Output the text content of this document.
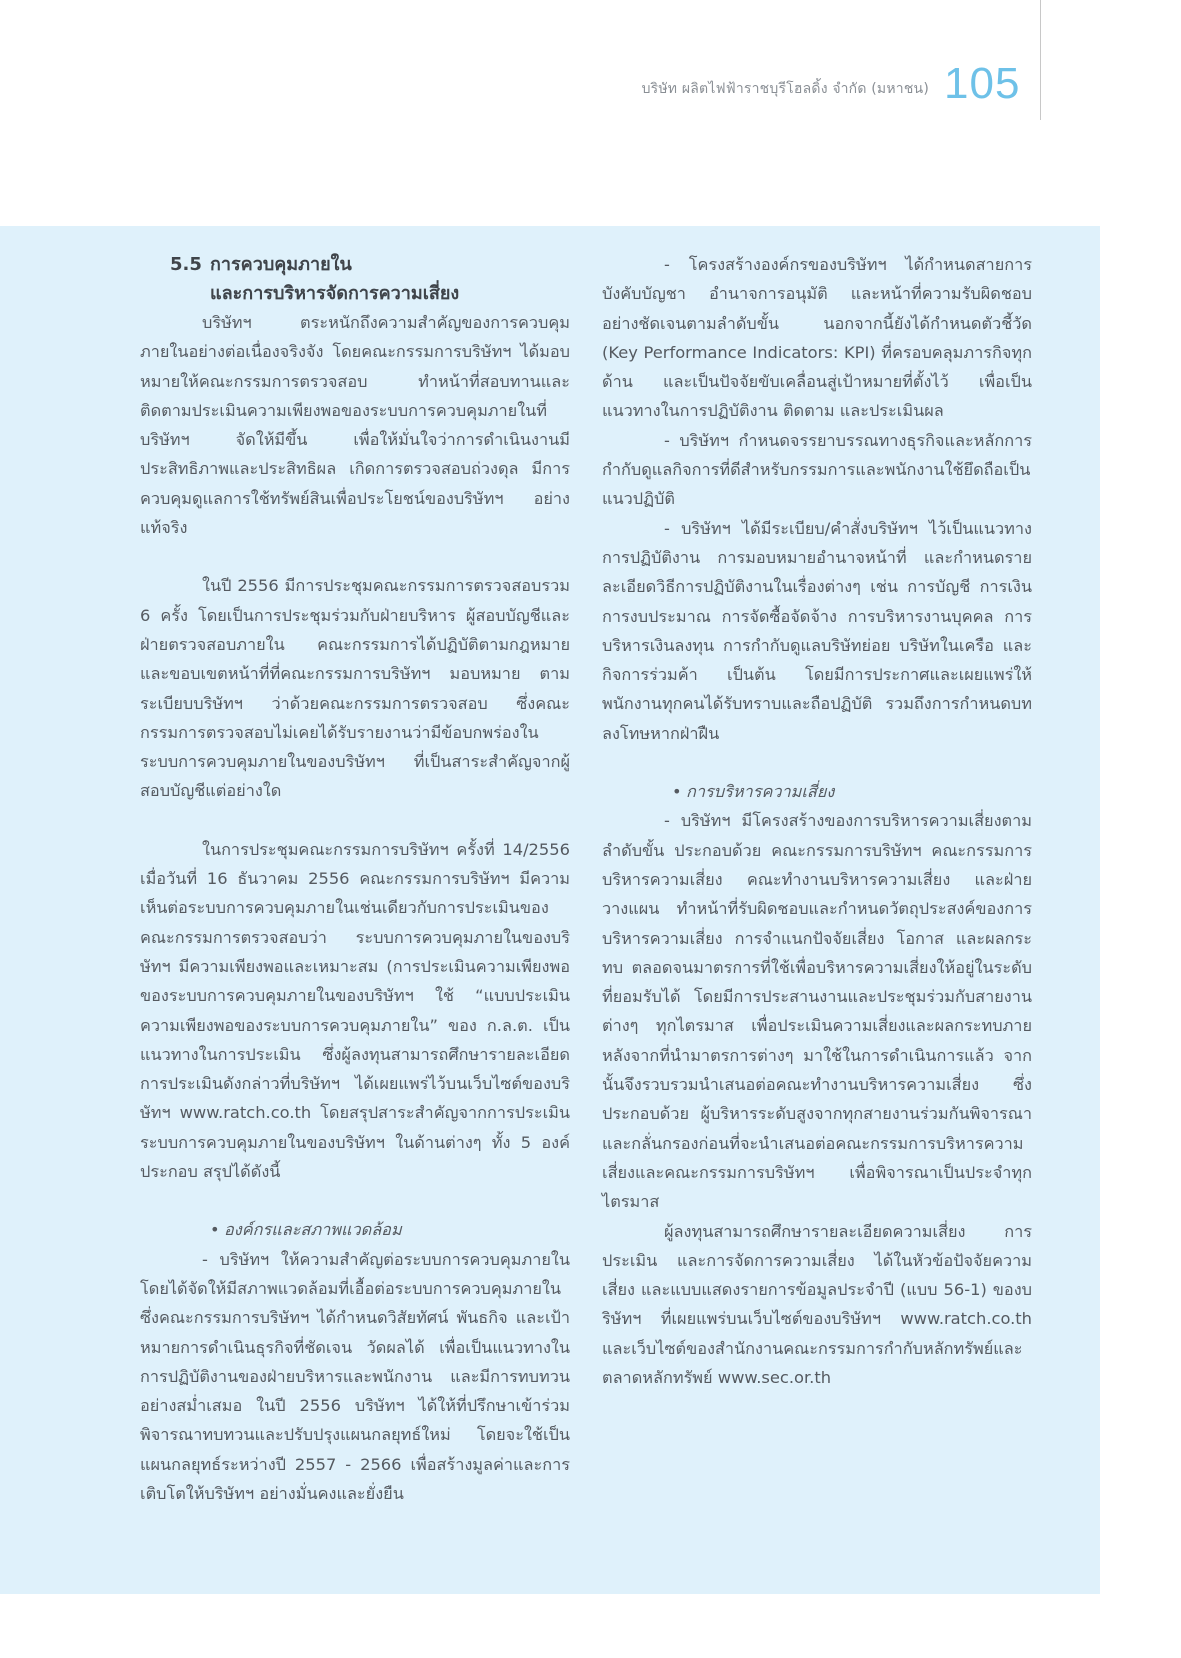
บริษัท ผลิตไฟฟ้าราชบุรีโฮลดิ้ง จำกัด (มหาชน) 105
5.5 การควบคุมภายใน
และการบริหารจัดการความเสี่ยง

บริษัทฯ ตระหนักถึงความสำคัญของการควบคุมภายในอย่างต่อเนื่องจริงจัง โดยคณะกรรมการบริษัทฯ ได้มอบหมายให้คณะกรรมการตรวจสอบ ทำหน้าที่สอบทานและติดตามประเมินความเพียงพอของระบบการควบคุมภายในที่บริษัทฯ จัดให้มีขึ้น เพื่อให้มั่นใจว่าการดำเนินงานมีประสิทธิภาพและประสิทธิผล เกิดการตรวจสอบถ่วงดุล มีการควบคุมดูแลการใช้ทรัพย์สินเพื่อประโยชน์ของบริษัทฯ อย่างแท้จริง

ในปี 2556 มีการประชุมคณะกรรมการตรวจสอบรวม 6 ครั้ง โดยเป็นการประชุมร่วมกับฝ่ายบริหาร ผู้สอบบัญชีและฝ่ายตรวจสอบภายใน คณะกรรมการได้ปฏิบัติตามกฎหมายและขอบเขตหน้าที่ที่คณะกรรมการบริษัทฯ มอบหมาย ตามระเบียบบริษัทฯ ว่าด้วยคณะกรรมการตรวจสอบ ซึ่งคณะกรรมการตรวจสอบไม่เคยได้รับรายงานว่ามีข้อบกพร่องในระบบการควบคุมภายในของบริษัทฯ ที่เป็นสาระสำคัญจากผู้สอบบัญชีแต่อย่างใด

ในการประชุมคณะกรรมการบริษัทฯ ครั้งที่ 14/2556 เมื่อวันที่ 16 ธันวาคม 2556 คณะกรรมการบริษัทฯ มีความเห็นต่อระบบการควบคุมภายในเช่นเดียวกับการประเมินของคณะกรรมการตรวจสอบว่า ระบบการควบคุมภายในของบริษัทฯ มีความเพียงพอและเหมาะสม (การประเมินความเพียงพอของระบบการควบคุมภายในของบริษัทฯ ใช้ “แบบประเมินความเพียงพอของระบบการควบคุมภายใน” ของ ก.ล.ต. เป็นแนวทางในการประเมิน ซึ่งผู้ลงทุนสามารถศึกษารายละเอียดการประเมินดังกล่าวที่บริษัทฯ ได้เผยแพร่ไว้บนเว็บไซต์ของบริษัทฯ www.ratch.co.th โดยสรุปสาระสำคัญจากการประเมินระบบการควบคุมภายในของบริษัทฯ ในด้านต่างๆ ทั้ง 5 องค์ประกอบ สรุปได้ดังนี้

• องค์กรและสภาพแวดล้อม

- บริษัทฯ ให้ความสำคัญต่อระบบการควบคุมภายใน โดยได้จัดให้มีสภาพแวดล้อมที่เอื้อต่อระบบการควบคุมภายใน ซึ่งคณะกรรมการบริษัทฯ ได้กำหนดวิสัยทัศน์ พันธกิจ และเป้าหมายการดำเนินธุรกิจที่ชัดเจน วัดผลได้ เพื่อเป็นแนวทางในการปฏิบัติงานของฝ่ายบริหารและพนักงาน และมีการทบทวนอย่างสม่ำเสมอ ในปี 2556 บริษัทฯ ได้ให้ที่ปรึกษาเข้าร่วมพิจารณาทบทวนและปรับปรุงแผนกลยุทธ์ใหม่ โดยจะใช้เป็นแผนกลยุทธ์ระหว่างปี 2557 - 2566 เพื่อสร้างมูลค่าและการเติบโตให้บริษัทฯ อย่างมั่นคงและยั่งยืน

- โครงสร้างองค์กรของบริษัทฯ ได้กำหนดสายการบังคับบัญชา อำนาจการอนุมัติ และหน้าที่ความรับผิดชอบ อย่างชัดเจนตามลำดับขั้น นอกจากนี้ยังได้กำหนดตัวชี้วัด (Key Performance Indicators: KPI) ที่ครอบคลุมภารกิจทุกด้าน และเป็นปัจจัยขับเคลื่อนสู่เป้าหมายที่ตั้งไว้ เพื่อเป็นแนวทางในการปฏิบัติงาน ติดตาม และประเมินผล

- บริษัทฯ กำหนดจรรยาบรรณทางธุรกิจและหลักการกำกับดูแลกิจการที่ดีสำหรับกรรมการและพนักงานใช้ยึดถือเป็นแนวปฏิบัติ

- บริษัทฯ ได้มีระเบียบ/คำสั่งบริษัทฯ ไว้เป็นแนวทางการปฏิบัติงาน การมอบหมายอำนาจหน้าที่ และกำหนดรายละเอียดวิธีการปฏิบัติงานในเรื่องต่างๆ เช่น การบัญชี การเงิน การงบประมาณ การจัดซื้อจัดจ้าง การบริหารงานบุคคล การบริหารเงินลงทุน การกำกับดูแลบริษัทย่อย บริษัทในเครือ และกิจการร่วมค้า เป็นต้น โดยมีการประกาศและเผยแพร่ให้พนักงานทุกคนได้รับทราบและถือปฏิบัติ รวมถึงการกำหนดบทลงโทษหากฝ่าฝืน

• การบริหารความเสี่ยง

- บริษัทฯ มีโครงสร้างของการบริหารความเสี่ยงตามลำดับขั้น ประกอบด้วย คณะกรรมการบริษัทฯ คณะกรรมการบริหารความเสี่ยง คณะทำงานบริหารความเสี่ยง และฝ่ายวางแผน ทำหน้าที่รับผิดชอบและกำหนดวัตถุประสงค์ของการบริหารความเสี่ยง การจำแนกปัจจัยเสี่ยง โอกาส และผลกระทบ ตลอดจนมาตรการที่ใช้เพื่อบริหารความเสี่ยงให้อยู่ในระดับที่ยอมรับได้ โดยมีการประสานงานและประชุมร่วมกับสายงานต่างๆ ทุกไตรมาส เพื่อประเมินความเสี่ยงและผลกระทบภายหลังจากที่นำมาตรการต่างๆ มาใช้ในการดำเนินการแล้ว จากนั้นจึงรวบรวมนำเสนอต่อคณะทำงานบริหารความเสี่ยง ซึ่งประกอบด้วย ผู้บริหารระดับสูงจากทุกสายงานร่วมกันพิจารณาและกลั่นกรองก่อนที่จะนำเสนอต่อคณะกรรมการบริหารความเสี่ยงและคณะกรรมการบริษัทฯ เพื่อพิจารณาเป็นประจำทุกไตรมาส

ผู้ลงทุนสามารถศึกษารายละเอียดความเสี่ยง การประเมิน และการจัดการความเสี่ยง ได้ในหัวข้อปัจจัยความเสี่ยง และแบบแสดงรายการข้อมูลประจำปี (แบบ 56-1) ของบริษัทฯ ที่เผยแพร่บนเว็บไซต์ของบริษัทฯ www.ratch.co.th และเว็บไซต์ของสำนักงานคณะกรรมการกำกับหลักทรัพย์และตลาดหลักทรัพย์ www.sec.or.th
